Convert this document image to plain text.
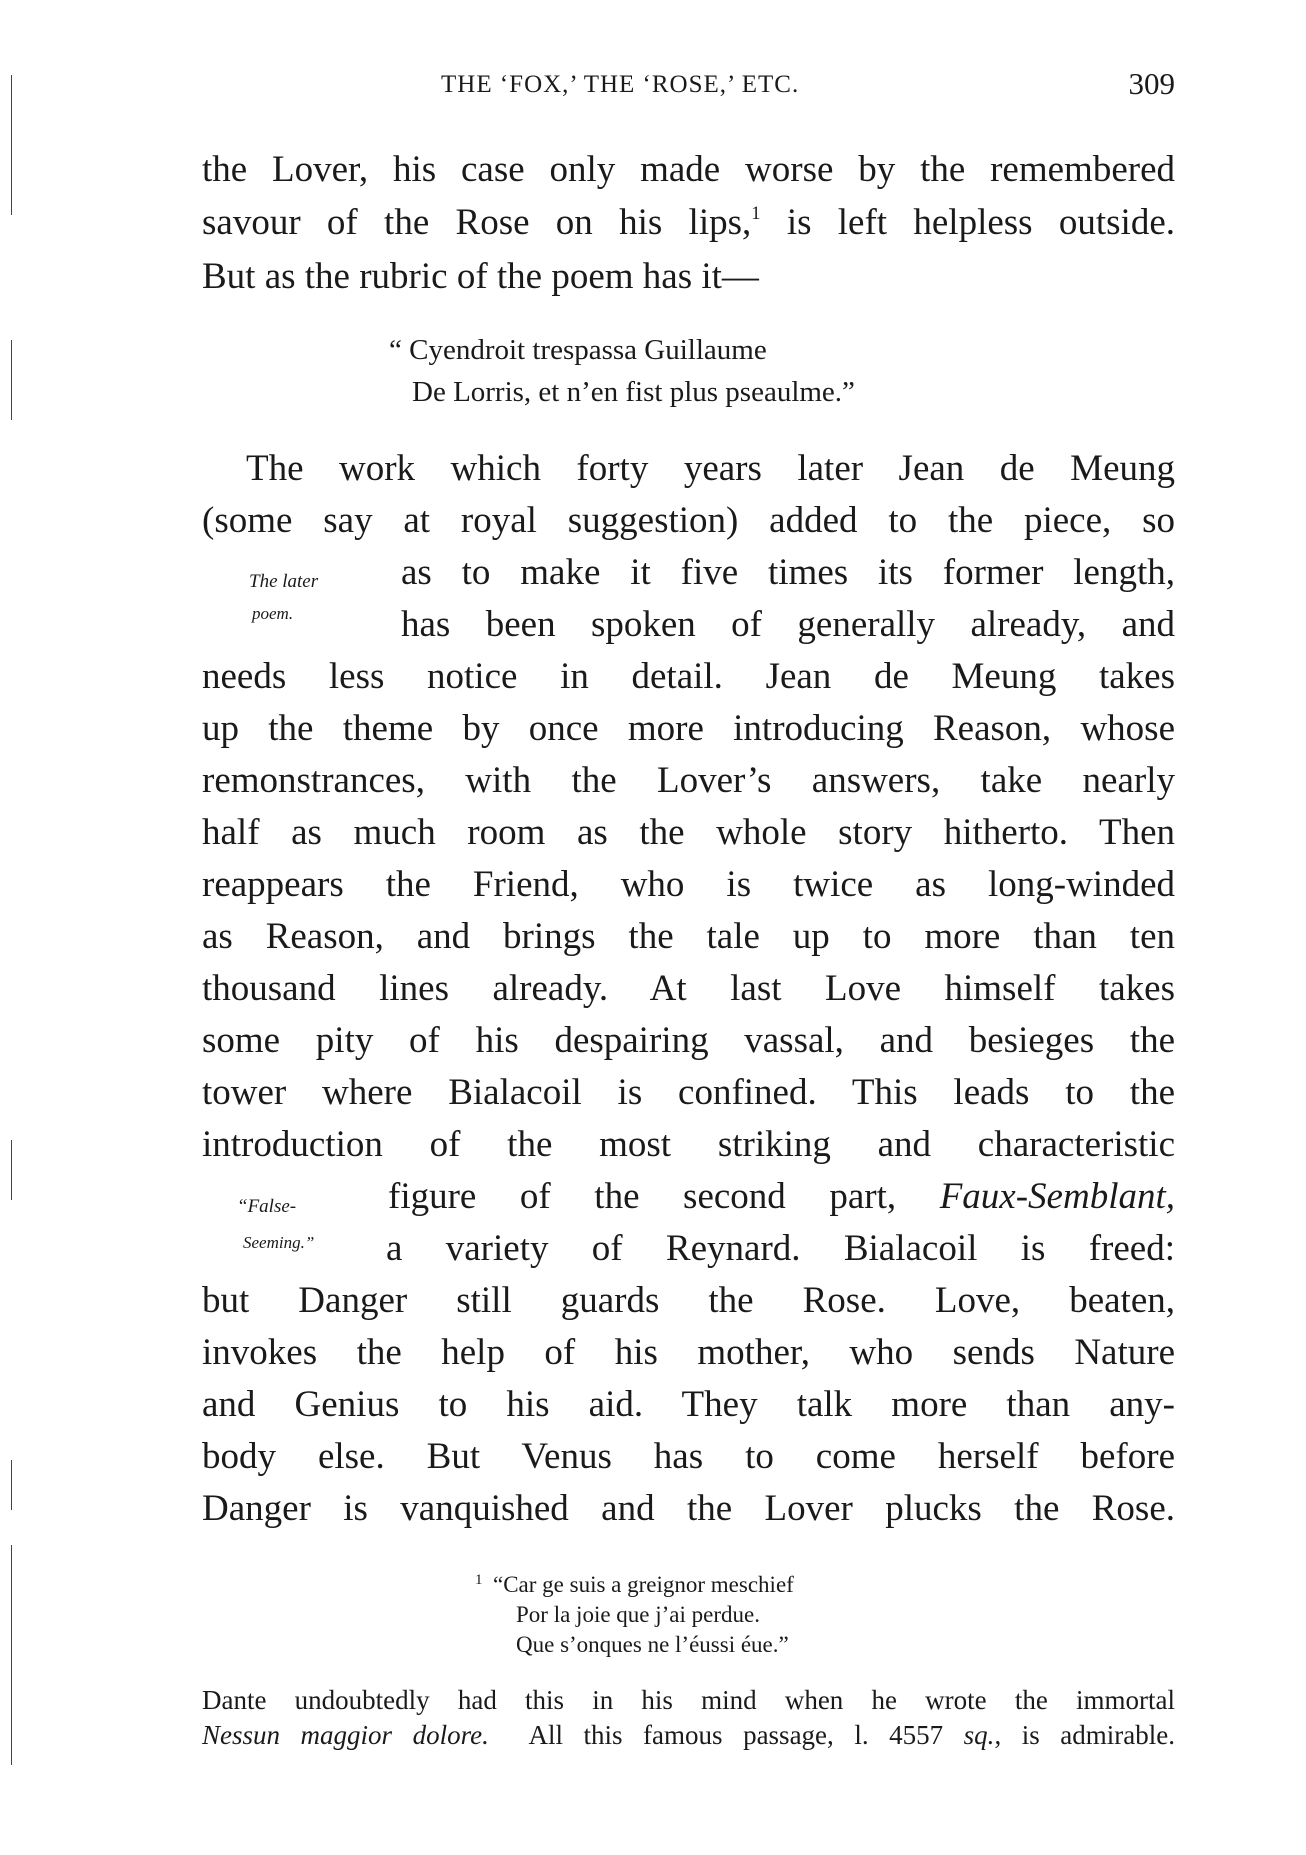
THE ‘FOX,’ THE ‘ROSE,’ ETC.	309
the Lover, his case only made worse by the remembered
savour of the Rose on his lips,$^1$ is left helpless outside.
But as the rubric of the poem has it—
“ Cyendroit trespassa Guillaume
De Lorris, et n’en fist plus pseaulme.”
The later
poem.
“False-
Seeming.”
The work which forty years later Jean de Meung
(some say at royal suggestion) added to the piece, so
as to make it five times its former length,
has been spoken of generally already, and
needs less notice in detail. Jean de Meung takes
up the theme by once more introducing Reason, whose
remonstrances, with the Lover’s answers, take nearly
half as much room as the whole story hitherto. Then
reappears the Friend, who is twice as long-winded
as Reason, and brings the tale up to more than ten
thousand lines already. At last Love himself takes
some pity of his despairing vassal, and besieges the
tower where Bialacoil is confined. This leads to the
introduction of the most striking and characteristic
figure of the second part, Faux-Semblant,
a variety of Reynard. Bialacoil is freed:
but Danger still guards the Rose. Love, beaten,
invokes the help of his mother, who sends Nature
and Genius to his aid. They talk more than any-
body else. But Venus has to come herself before
Danger is vanquished and the Lover plucks the Rose.
1 “Car ge suis a greignor meschief
Por la joie que j’ai perdue.
Que s’onques ne l’éussi éue.”
Dante undoubtedly had this in his mind when he wrote the immortal
Nessun maggior dolore.  All this famous passage, l. 4557 sq., is admirable.
